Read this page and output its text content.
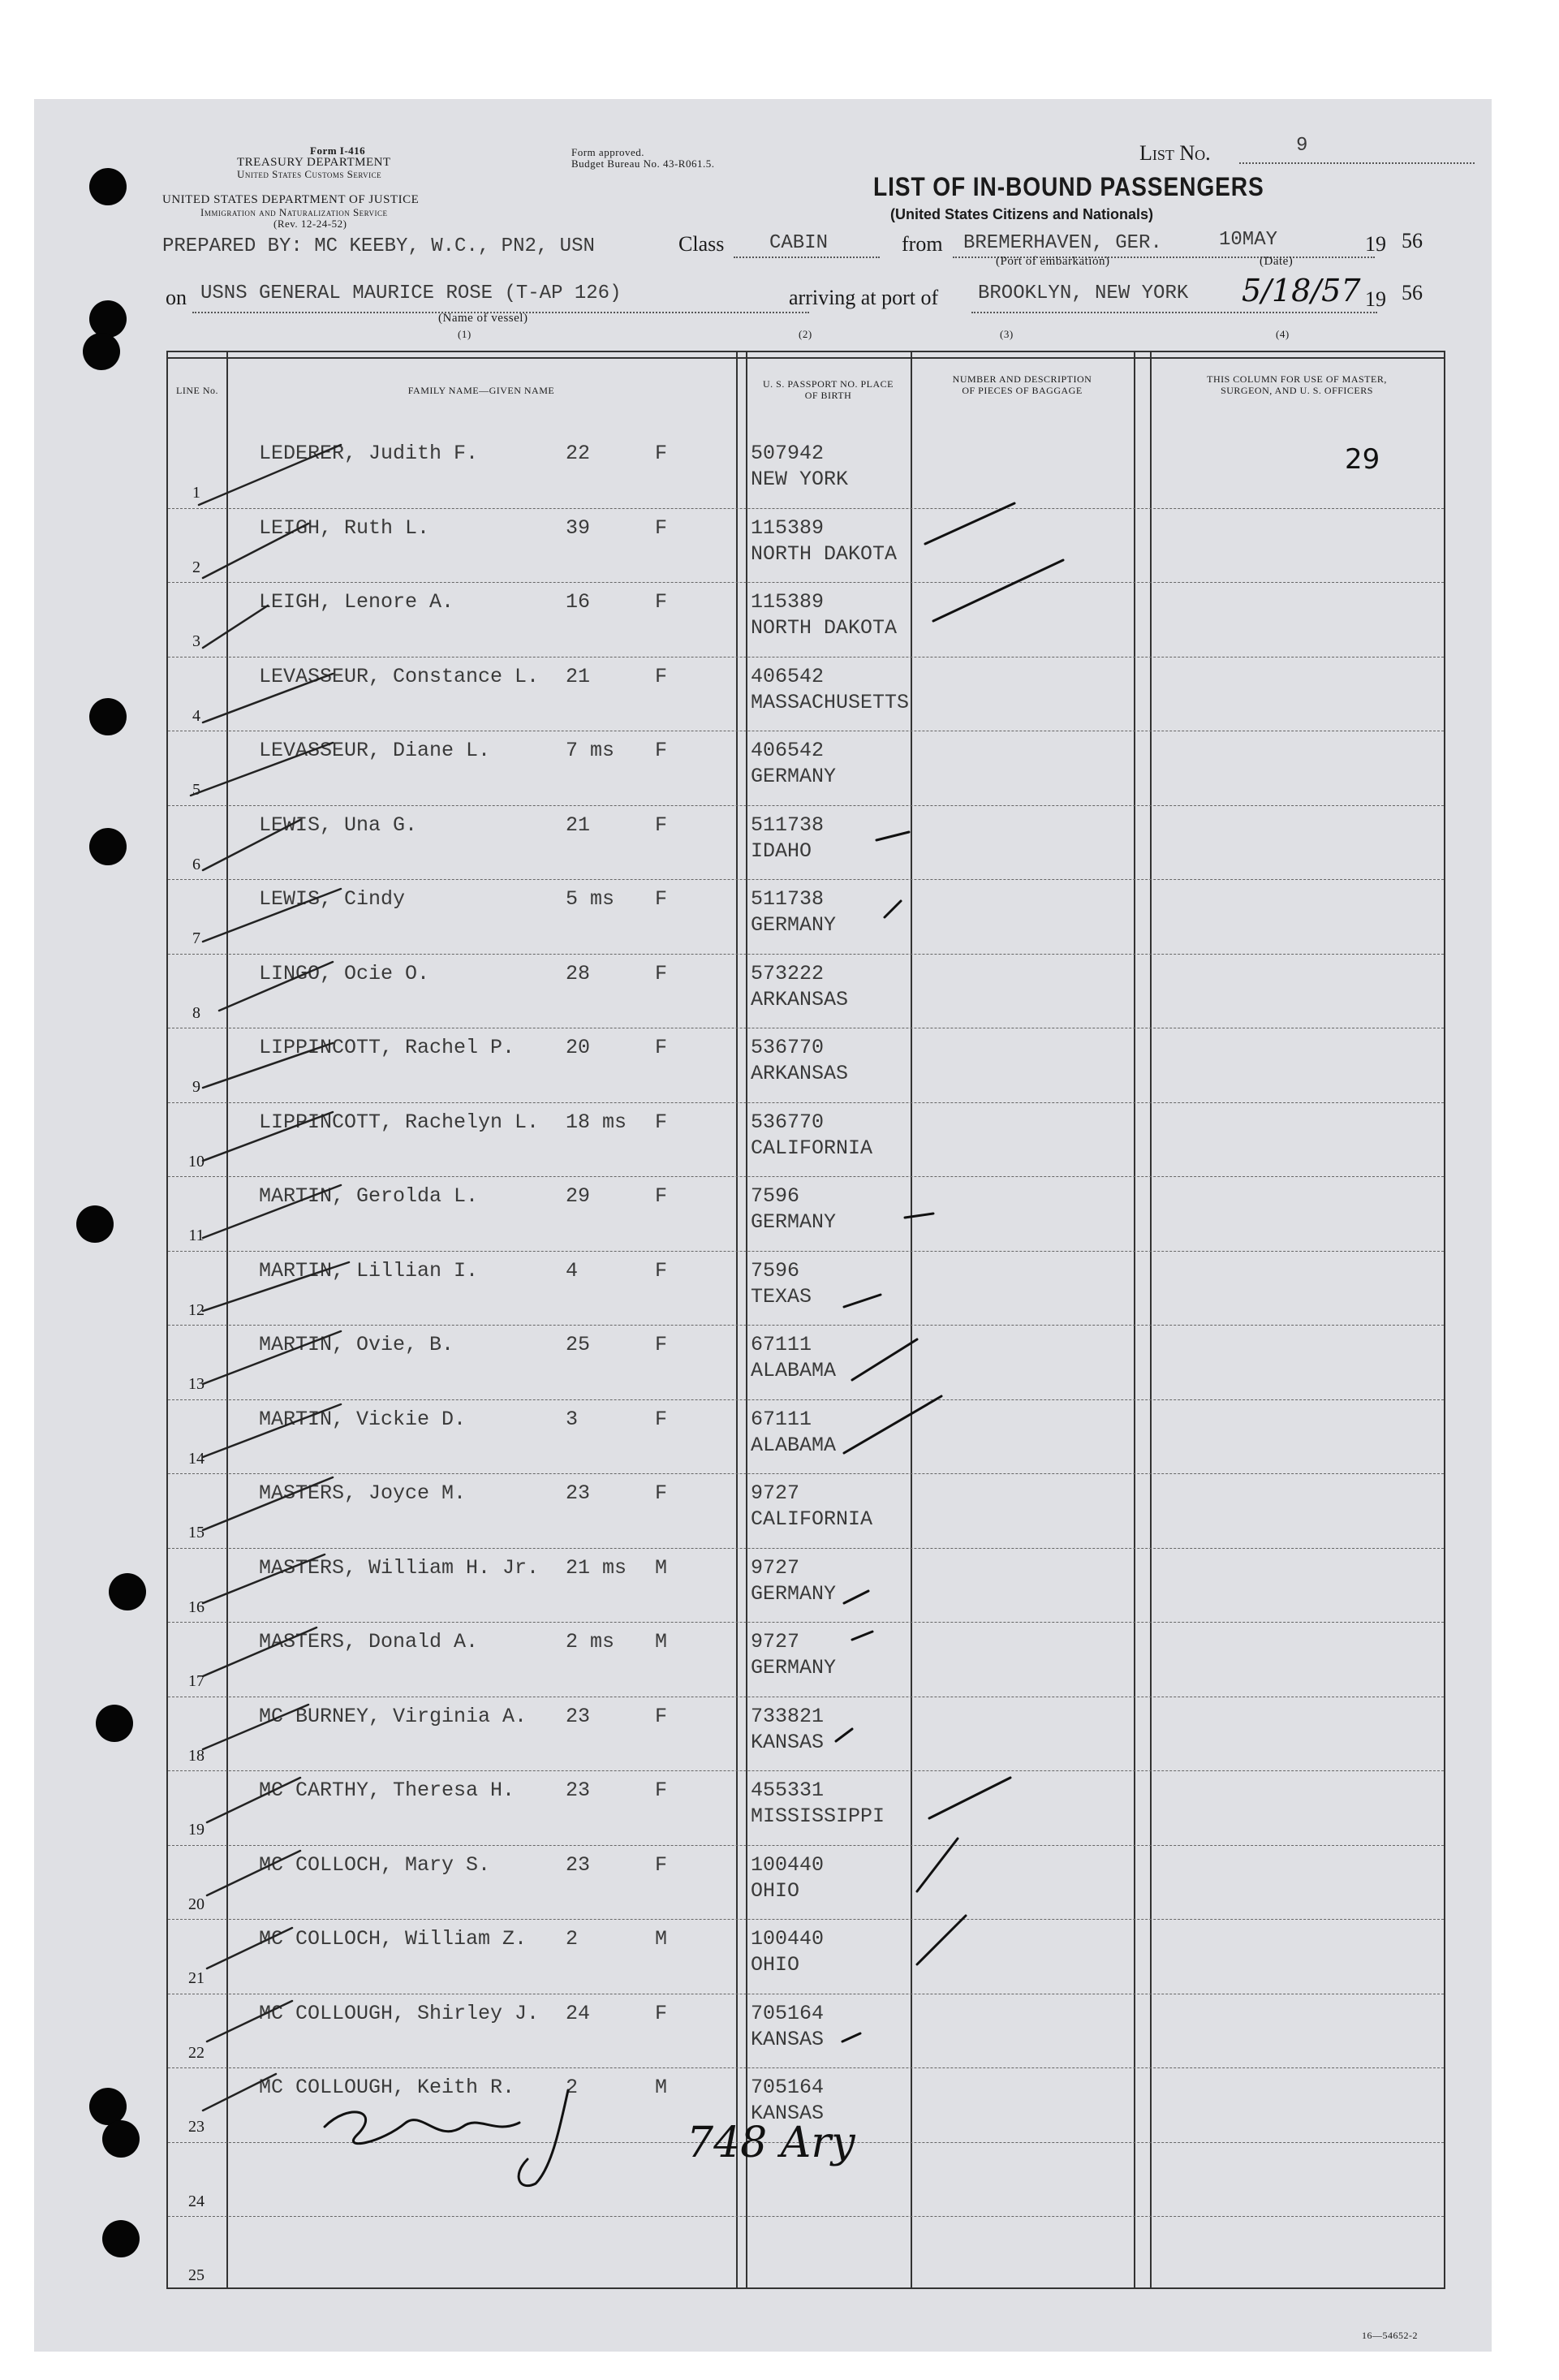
Form I-416
TREASURY DEPARTMENT
United States Customs Service
UNITED STATES DEPARTMENT OF JUSTICE
Immigration and Naturalization Service
(Rev. 12-24-52)
Form approved.
Budget Bureau No. 43-R061.5.	List No.	9
LIST OF IN-BOUND PASSENGERS
(United States Citizens and Nationals)
PREPARED BY: MC KEEBY, W.C., PN2, USN	Class CABIN	from BREMERHAVEN, GER.	10MAY	19 56
(Port of embarkation)	(Date)
on USNS GENERAL MAURICE ROSE (T-AP 126)	arriving at port of BROOKLYN, NEW YORK 5/18/57 19 56
(Name of vessel)
(1)	(2)	(3)	(4)
LINE No.	FAMILY NAME—GIVEN NAME
U. S. PASSPORT NO. PLACE OF BIRTH
NUMBER AND DESCRIPTION OF PIECES OF BAGGAGE
THIS COLUMN FOR USE OF MASTER, SURGEON, AND U. S. OFFICERS
1
LEDERER, Judith F.	22	F	507942
NEW YORK
29
2
LEIGH, Ruth L.	39	F	115389
NORTH DAKOTA
3
LEIGH, Lenore A.	16	F	115389
NORTH DAKOTA
4
LEVASSEUR, Constance L. 21	F	406542
MASSACHUSETTS
5
LEVASSEUR, Diane L.	7 ms F	406542
GERMANY
6
LEWIS, Una G.	21	F	511738
IDAHO
7
LEWIS, Cindy	5 ms F	511738
GERMANY
8
LINGO, Ocie O.	28	F	573222
ARKANSAS
9
LIPPINCOTT, Rachel P.	20	F	536770
ARKANSAS
10
LIPPINCOTT, Rachelyn L. 18 ms F	536770
CALIFORNIA
11
MARTIN, Gerolda L.	29	F	7596
GERMANY
12
MARTIN, Lillian I.	4	F	7596
TEXAS
13
MARTIN, Ovie, B.	25	F	67111
ALABAMA
14
MARTIN, Vickie D.	3	F	67111
ALABAMA
15
MASTERS, Joyce M.	23	F	9727
CALIFORNIA
16
MASTERS, William H. Jr. 21 ms M	9727
GERMANY
17
MASTERS, Donald A.	2 ms M	9727
GERMANY
18
MC BURNEY, Virginia A. 23	F	733821
KANSAS
19
MC CARTHY, Theresa H.	23	F	455331
MISSISSIPPI
20
MC COLLOCH, Mary S.	23	F	100440
OHIO
21
MC COLLOCH, William Z. 2	M	100440
OHIO
22
MC COLLOUGH, Shirley J. 24	F	705164
KANSAS
23
MC COLLOUGH, Keith R.	2	M	705164
KANSAS
24
25
748 Ary
16—54652-2
